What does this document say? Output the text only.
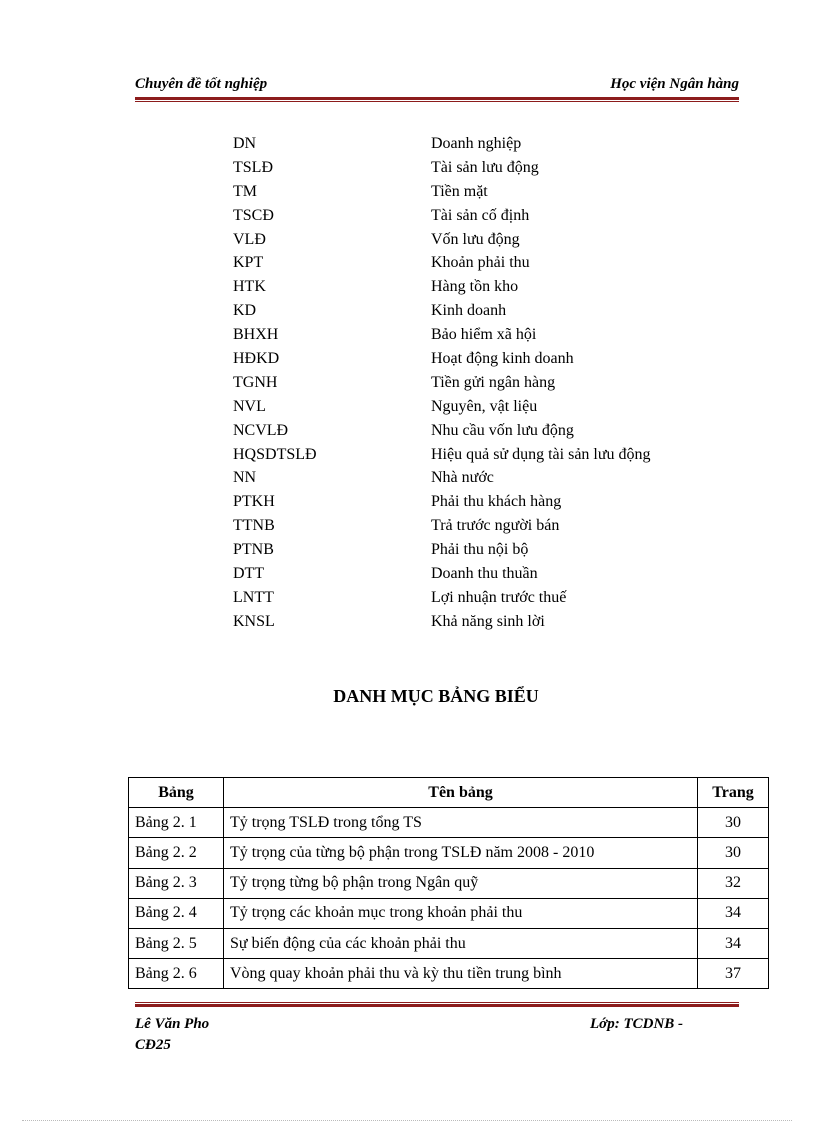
Chuyên đề tốt nghiệp	Học viện Ngân hàng
DN	Doanh nghiệp
TSLĐ	Tài sản lưu động
TM	Tiền mặt
TSCĐ	Tài sản cố định
VLĐ	Vốn lưu động
KPT	Khoản phải thu
HTK	Hàng tồn kho
KD	Kinh doanh
BHXH	Bảo hiểm xã hội
HĐKD	Hoạt động kinh doanh
TGNH	Tiền gửi ngân hàng
NVL	Nguyên, vật liệu
NCVLĐ	Nhu cầu vốn lưu động
HQSDTSLĐ	Hiệu quả sử dụng tài sản lưu động
NN	Nhà nước
PTKH	Phải thu khách hàng
TTNB	Trả trước người bán
PTNB	Phải thu nội bộ
DTT	Doanh thu thuần
LNTT	Lợi nhuận trước thuế
KNSL	Khả năng sinh lời
DANH MỤC BẢNG BIỂU
Bảng	Tên bảng	Trang
Bảng 2. 1	Tỷ trọng TSLĐ trong tổng TS	30
Bảng 2. 2	Tỷ trọng của từng bộ phận trong TSLĐ năm 2008 - 2010	30
Bảng 2. 3	Tỷ trọng từng bộ phận trong Ngân quỹ	32
Bảng 2. 4	Tỷ trọng các khoản mục trong khoản phải thu	34
Bảng 2. 5	Sự biến động của các khoản phải thu	34
Bảng 2. 6	Vòng quay khoản phải thu và kỳ thu tiền trung bình	37
Lê Văn Pho
CĐ25
Lớp: TCDNB -
